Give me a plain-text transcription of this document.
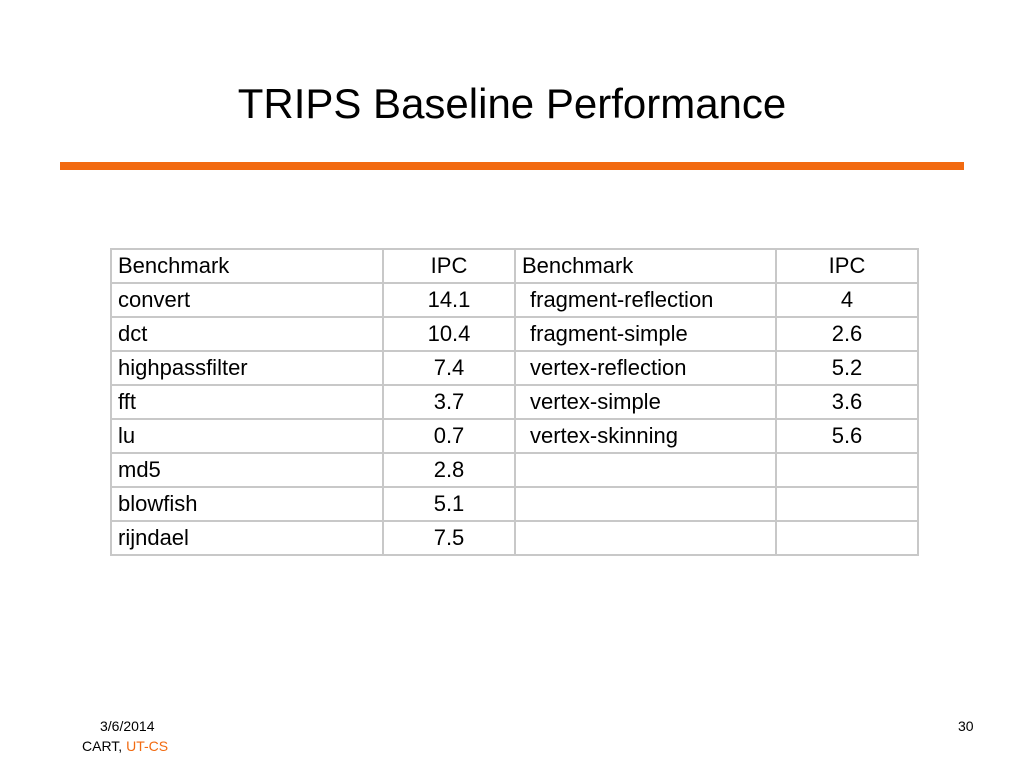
TRIPS Baseline Performance
Benchmark	IPC	Benchmark	IPC
convert	14.1	fragment-reflection	4
dct	10.4	fragment-simple	2.6
highpassfilter	7.4	vertex-reflection	5.2
fft	3.7	vertex-simple	3.6
lu	0.7	vertex-skinning	5.6
md5	2.8		
blowfish	5.1		
rijndael	7.5		
3/6/2014
CART, UT-CS
30
